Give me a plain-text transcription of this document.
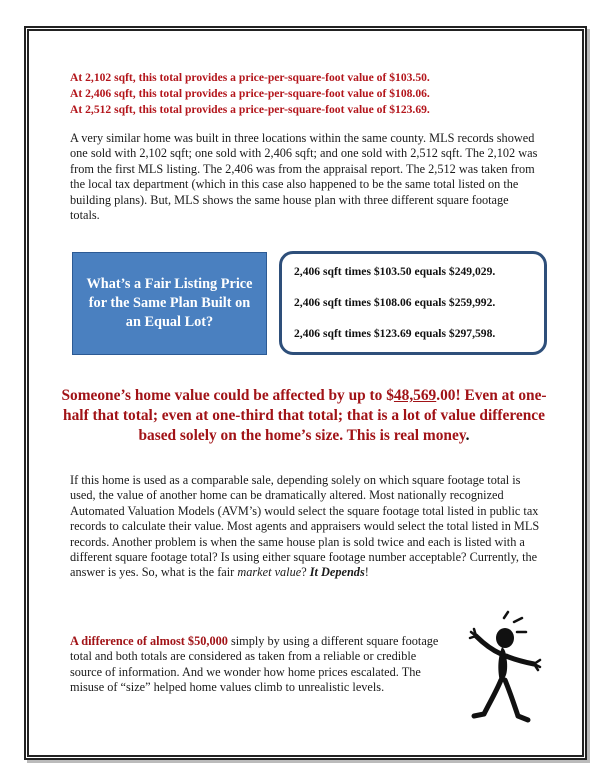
At 2,102 sqft, this total provides a price-per-square-foot value of $103.50.
At 2,406 sqft, this total provides a price-per-square-foot value of $108.06.
At 2,512 sqft, this total provides a price-per-square-foot value of $123.69.
A very similar home was built in three locations within the same county. MLS records showed one sold with 2,102 sqft; one sold with 2,406 sqft; and one sold with 2,512 sqft. The 2,102 was from the first MLS listing. The 2,406 was from the appraisal report. The 2,512 was taken from the local tax department (which in this case also happened to be the same total listed on the building plans). But, MLS shows the same house plan with three different square footage totals.
What’s a Fair Listing Price for the Same Plan Built on an Equal Lot?
2,406 sqft times $103.50 equals $249,029.
2,406 sqft times $108.06 equals $259,992.
2,406 sqft times $123.69 equals $297,598.
Someone’s home value could be affected by up to $48,569.00! Even at one-half that total; even at one-third that total; that is a lot of value difference based solely on the home’s size. This is real money.
If this home is used as a comparable sale, depending solely on which square footage total is used, the value of another home can be dramatically altered. Most nationally recognized Automated Valuation Models (AVM’s) would select the square footage total listed in public tax records to calculate their value. Most agents and appraisers would select the total listed in MLS records. Another problem is when the same house plan is sold twice and each is listed with a different square footage total? Is using either square footage number acceptable? Currently, the answer is yes. So, what is the fair market value? It Depends!
A difference of almost $50,000 simply by using a different square footage total and both totals are considered as taken from a reliable or credible source of information. And we wonder how home prices escalated. The misuse of “size” helped home values climb to unrealistic levels.
